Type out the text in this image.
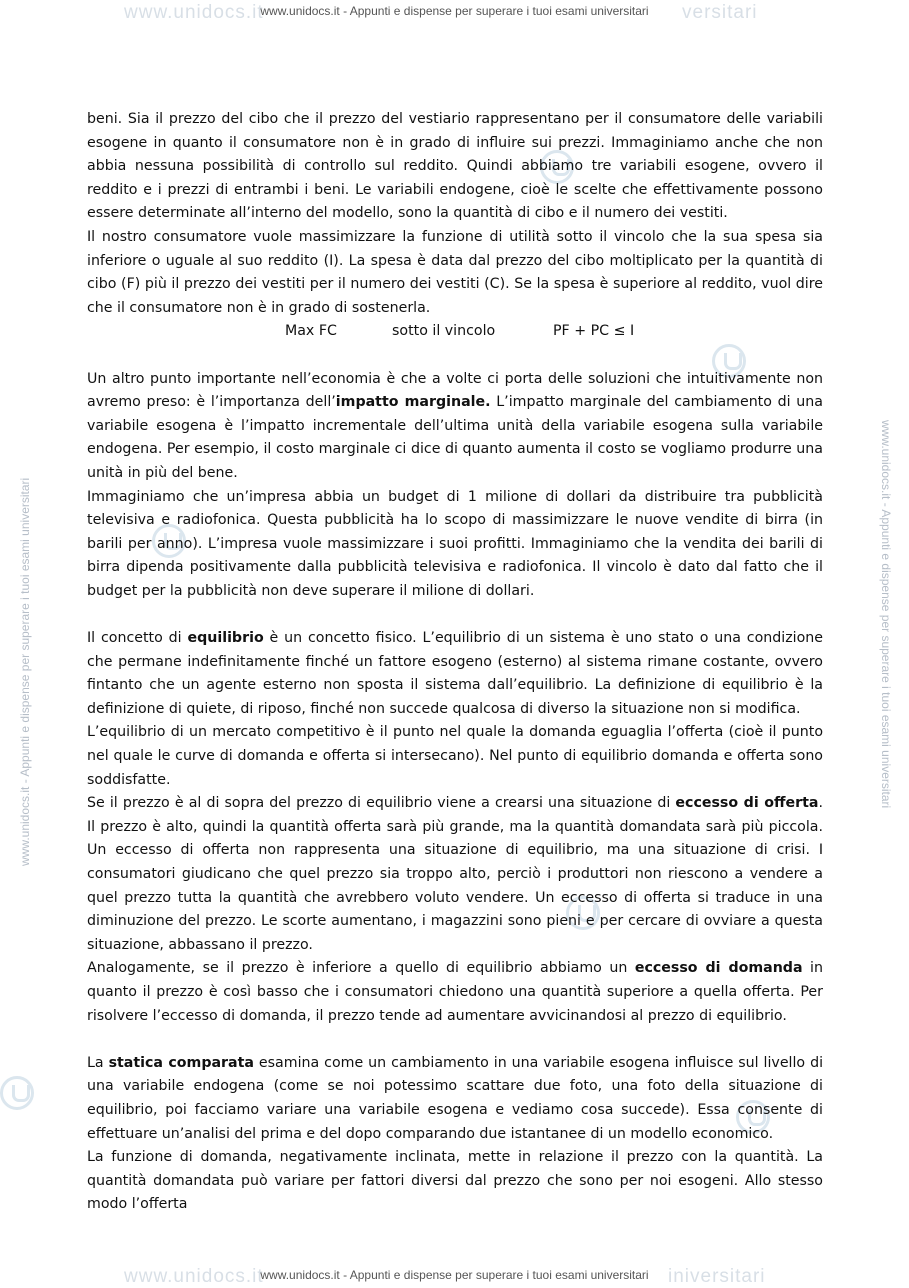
www.unidocs.it	versitari
www.unidocs.it - Appunti e dispense per superare i tuoi esami universitari
www.unidocs.it - Appunti e dispense per superare i tuoi esami universitari	www.unidocs.it - Appunti e dispense per superare i tuoi esami universitari

beni. Sia il prezzo del cibo che il prezzo del vestiario rappresentano per il consumatore delle variabili esogene in quanto il consumatore non è in grado di influire sui prezzi. Immaginiamo anche che non abbia nessuna possibilità di controllo sul reddito. Quindi abbiamo tre variabili esogene, ovvero il reddito e i prezzi di entrambi i beni. Le variabili endogene, cioè le scelte che effettivamente possono essere determinate all’interno del modello, sono la quantità di cibo e il numero dei vestiti.

Il nostro consumatore vuole massimizzare la funzione di utilità sotto il vincolo che la sua spesa sia inferiore o uguale al suo reddito (I). La spesa è data dal prezzo del cibo moltiplicato per la quantità di cibo (F) più il prezzo dei vestiti per il numero dei vestiti (C). Se la spesa è superiore al reddito, vuol dire che il consumatore non è in grado di sostenerla.

Max FC	sotto il vincolo	PF + PC ≤ I

Un altro punto importante nell’economia è che a volte ci porta delle soluzioni che intuitivamente non avremo preso: è l’importanza dell’impatto marginale. L’impatto marginale del cambiamento di una variabile esogena è l’impatto incrementale dell’ultima unità della variabile esogena sulla variabile endogena. Per esempio, il costo marginale ci dice di quanto aumenta il costo se vogliamo produrre una unità in più del bene.

Immaginiamo che un’impresa abbia un budget di 1 milione di dollari da distribuire tra pubblicità televisiva e radiofonica. Questa pubblicità ha lo scopo di massimizzare le nuove vendite di birra (in barili per anno). L’impresa vuole massimizzare i suoi profitti. Immaginiamo che la vendita dei barili di birra dipenda positivamente dalla pubblicità televisiva e radiofonica. Il vincolo è dato dal fatto che il budget per la pubblicità non deve superare il milione di dollari.

Il concetto di equilibrio è un concetto fisico. L’equilibrio di un sistema è uno stato o una condizione che permane indefinitamente finché un fattore esogeno (esterno) al sistema rimane costante, ovvero fintanto che un agente esterno non sposta il sistema dall’equilibrio. La definizione di equilibrio è la definizione di quiete, di riposo, finché non succede qualcosa di diverso la situazione non si modifica.

L’equilibrio di un mercato competitivo è il punto nel quale la domanda eguaglia l’offerta (cioè il punto nel quale le curve di domanda e offerta si intersecano). Nel punto di equilibrio domanda e offerta sono soddisfatte.

Se il prezzo è al di sopra del prezzo di equilibrio viene a crearsi una situazione di eccesso di offerta. Il prezzo è alto, quindi la quantità offerta sarà più grande, ma la quantità domandata sarà più piccola. Un eccesso di offerta non rappresenta una situazione di equilibrio, ma una situazione di crisi. I consumatori giudicano che quel prezzo sia troppo alto, perciò i produttori non riescono a vendere a quel prezzo tutta la quantità che avrebbero voluto vendere. Un eccesso di offerta si traduce in una diminuzione del prezzo. Le scorte aumentano, i magazzini sono pieni e per cercare di ovviare a questa situazione, abbassano il prezzo.

Analogamente, se il prezzo è inferiore a quello di equilibrio abbiamo un eccesso di domanda in quanto il prezzo è così basso che i consumatori chiedono una quantità superiore a quella offerta. Per risolvere l’eccesso di domanda, il prezzo tende ad aumentare avvicinandosi al prezzo di equilibrio.

La statica comparata esamina come un cambiamento in una variabile esogena influisce sul livello di una variabile endogena (come se noi potessimo scattare due foto, una foto della situazione di equilibrio, poi facciamo variare una variabile esogena e vediamo cosa succede). Essa consente di effettuare un’analisi del prima e del dopo comparando due istantanee di un modello economico.

La funzione di domanda, negativamente inclinata, mette in relazione il prezzo con la quantità. La quantità domandata può variare per fattori diversi dal prezzo che sono per noi esogeni. Allo stesso modo l’offerta

www.unidocs.it	iniversitari
www.unidocs.it - Appunti e dispense per superare i tuoi esami universitari
